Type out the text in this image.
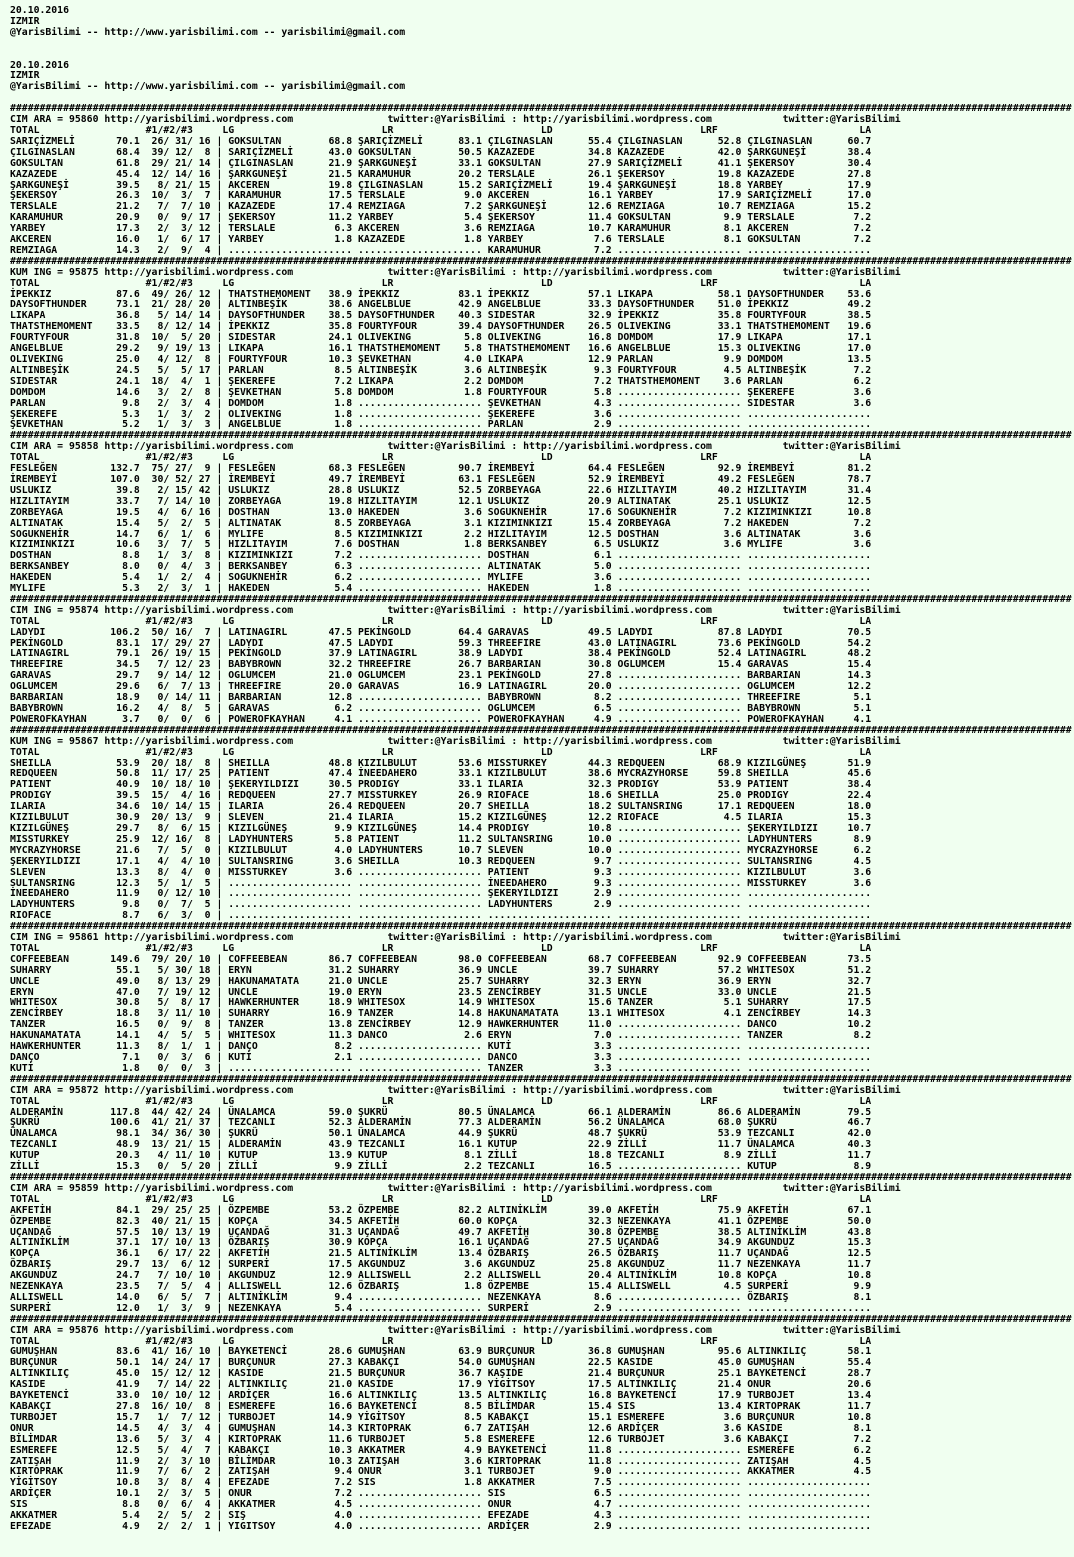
20.10.2016
IZMIR
@YarisBilimi -- http://www.yarisbilimi.com -- yarisbilimi@gmail.com

20.10.2016
IZMIR
@YarisBilimi -- http://www.yarisbilimi.com -- yarisbilimi@gmail.com

####################################################################################################################################################################################
CIM ARA = 95860 http://yarisbilimi.wordpress.com                twitter:@YarisBilimi : http://yarisbilimi.wordpress.com            twitter:@YarisBilimi
TOTAL                  #1/#2/#3     LG                         LR                         LD                         LRF                        LA
SARIÇİZMELİ       70.1  26/ 31/ 16 | GOKSULTAN        68.8 ŞARIÇİZMELİ      83.1 ÇILGINASLAN      55.4 ÇILGINASLAN      52.8 ÇILGINASLAN      60.7
ÇILGINASLAN       68.4  39/ 12/  8 | SARIÇİZMELİ      43.0 GOKSULTAN        50.5 KAZAZEDE         34.8 KAZAZEDE         42.0 ŞARKGUNEŞİ       38.4
GOKSULTAN         61.8  29/ 21/ 14 | ÇILGINASLAN      21.9 ŞARKGUNEŞİ       33.1 GOKSULTAN        27.9 SARIÇİZMELİ      41.1 ŞEKERSOY         30.4
KAZAZEDE          45.4  12/ 14/ 16 | ŞARKGUNEŞİ       21.5 KARAMUHUR        20.2 TERSLALE         26.1 ŞEKERSOY         19.8 KAZAZEDE         27.8
ŞARKGUNEŞİ        39.5   8/ 21/ 15 | AKCEREN          19.8 ÇILGINASLAN      15.2 SARIÇİZMELİ      19.4 ŞARKGUNEŞİ       18.8 YARBEY           17.9
ŞEKERSOY          26.3  10/  3/  7 | KARAMUHUR        17.5 TERSLALE          9.0 AKCEREN          16.1 YARBEY           17.9 SARIÇİZMELİ      17.0
TERSLALE          21.2   7/  7/ 10 | KAZAZEDE         17.4 REMZIAGA          7.2 ŞARKGUNEŞİ       12.6 REMZIAGA         10.7 REMZIAGA         15.2
KARAMUHUR         20.9   0/  9/ 17 | ŞEKERSOY         11.2 YARBEY            5.4 ŞEKERSOY         11.4 GOKSULTAN         9.9 TERSLALE          7.2
YARBEY            17.3   2/  3/ 12 | TERSLALE          6.3 AKCEREN           3.6 REMZIAGA         10.7 KARAMUHUR         8.1 AKCEREN           7.2
AKCEREN           16.0   1/  6/ 17 | YARBEY            1.8 KAZAZEDE          1.8 YARBEY            7.6 TERSLALE          8.1 GOKSULTAN         7.2
REMZIAGA          14.3   2/  9/  4 | ..................... ..................... KARAMUHUR         7.2 ..................... .....................
####################################################################################################################################################################################
KUM ING = 95875 http://yarisbilimi.wordpress.com                twitter:@YarisBilimi : http://yarisbilimi.wordpress.com            twitter:@YarisBilimi
TOTAL                  #1/#2/#3     LG                         LR                         LD                         LRF                        LA
İPEKKIZ           87.6  49/ 26/ 12 | THATSTHEMOMENT   38.9 İPEKKIZ          83.1 İPEKKIZ          57.1 LIKAPA           58.1 DAYSOFTHUNDER    53.6
DAYSOFTHUNDER     73.1  21/ 28/ 20 | ALTINBEŞİK       38.6 ANGELBLUE        42.9 ANGELBLUE        33.3 DAYSOFTHUNDER    51.0 İPEKKIZ          49.2
LIKAPA            36.8   5/ 14/ 14 | DAYSOFTHUNDER    38.5 DAYSOFTHUNDER    40.3 SIDESTAR         32.9 İPEKKIZ          35.8 FOURTYFOUR       38.5
THATSTHEMOMENT    33.5   8/ 12/ 14 | İPEKKIZ          35.8 FOURTYFOUR       39.4 DAYSOFTHUNDER    26.5 OLIVEKING        33.1 THATSTHEMOMENT   19.6
FOURTYFOUR        31.8  10/  5/ 20 | SIDESTAR         24.1 OLIVEKING         5.8 OLIVEKING        16.8 DOMDOM           17.9 LIKAPA           17.1
ANGELBLUE         29.2   9/ 19/ 13 | LIKAPA           16.1 THATSTHEMOMENT    5.8 THATSTHEMOMENT   16.6 ANGELBLUE        15.3 OLIVEKING        17.0
OLIVEKING         25.0   4/ 12/  8 | FOURTYFOUR       10.3 ŞEVKETHAN         4.0 LIKAPA           12.9 PARLAN            9.9 DOMDOM           13.5
ALTINBEŞİK        24.5   5/  5/ 17 | PARLAN            8.5 ALTINBEŞİK        3.6 ALTINBEŞİK        9.3 FOURTYFOUR        4.5 ALTINBEŞİK        7.2
SIDESTAR          24.1  18/  4/  1 | ŞEKEREFE          7.2 LIKAPA            2.2 DOMDOM            7.2 THATSTHEMOMENT    3.6 PARLAN            6.2
DOMDOM            14.6   3/  2/  8 | ŞEVKETHAN         5.8 DOMDOM            1.8 FOURTYFOUR        5.8 ..................... ŞEKEREFE          3.6
PARLAN             9.8   2/  3/  4 | DOMDOM            1.8 ..................... ŞEVKETHAN         4.3 ..................... SIDESTAR          3.6
ŞEKEREFE           5.3   1/  3/  2 | OLIVEKING         1.8 ..................... ŞEKEREFE          3.6 ..................... .....................
ŞEVKETHAN          5.2   1/  3/  3 | ANGELBLUE         1.8 ..................... PARLAN            2.9 ..................... .....................
####################################################################################################################################################################################
CIM ARA = 95858 http://yarisbilimi.wordpress.com                twitter:@YarisBilimi : http://yarisbilimi.wordpress.com            twitter:@YarisBilimi
TOTAL                  #1/#2/#3     LG                         LR                         LD                         LRF                        LA
FESLEĞEN         132.7  75/ 27/  9 | FESLEĞEN         68.3 FESLEĞEN         90.7 İREMBEYİ         64.4 FESLEĞEN         92.9 İREMBEYİ         81.2
İREMBEYİ         107.0  30/ 52/ 27 | İREMBEYİ         49.7 İREMBEYİ         63.1 FESLEĞEN         52.9 İREMBEYİ         49.2 FESLEĞEN         78.7
USLUKIZ           39.8   2/ 15/ 42 | USLUKIZ          28.8 USLUKIZ          52.5 ZORBEYAGA        22.6 HIZLITAYIM       40.2 HIZLITAYIM       31.4
HIZLITAYIM        33.7   7/ 14/ 10 | ZORBEYAGA        19.8 HIZLITAYIM       12.1 USLUKIZ          20.9 ALTINATAK        25.1 USLUKIZ          12.5
ZORBEYAGA         19.5   4/  6/ 16 | DOSTHAN          13.0 HAKEDEN           3.6 SOGUKNEHİR       17.6 SOGUKNEHİR        7.2 KIZIMINKIZI      10.8
ALTINATAK         15.4   5/  2/  5 | ALTINATAK         8.5 ZORBEYAGA         3.1 KIZIMINKIZI      15.4 ZORBEYAGA         7.2 HAKEDEN           7.2
SOGUKNEHİR        14.7   6/  1/  6 | MYLIFE            8.5 KIZIMINKIZI       2.2 HIZLITAYIM       12.5 DOSTHAN           3.6 ALTINATAK         3.6
KIZIMINKIZI       10.6   3/  7/  5 | HIZLITAYIM        7.6 DOSTHAN           1.8 BERKSANBEY        6.5 USLUKIZ           3.6 MYLIFE            3.6
DOSTHAN            8.8   1/  3/  8 | KIZIMINKIZI       7.2 ..................... DOSTHAN           6.1 ..................... .....................
BERKSANBEY         8.0   0/  4/  3 | BERKSANBEY        6.3 ..................... ALTINATAK         5.0 ..................... .....................
HAKEDEN            5.4   1/  2/  4 | SOGUKNEHİR        6.2 ..................... MYLIFE            3.6 ..................... .....................
MYLIFE             5.3   2/  3/  1 | HAKEDEN           5.4 ..................... HAKEDEN           1.8 ..................... .....................
####################################################################################################################################################################################
CIM ING = 95874 http://yarisbilimi.wordpress.com                twitter:@YarisBilimi : http://yarisbilimi.wordpress.com            twitter:@YarisBilimi
TOTAL                  #1/#2/#3     LG                         LR                         LD                         LRF                        LA
LADYDI           106.2  50/ 16/  7 | LATINAGIRL       47.5 PEKİNGOLD        64.4 GARAVAS          49.5 LADYDI           87.8 LADYDI           70.5
PEKİNGOLD         83.1  17/ 29/ 27 | LADYDI           47.5 LADYDI           59.3 THREEFIRE        43.0 LATINAGIRL       73.6 PEKİNGOLD        54.2
LATINAGIRL        79.1  26/ 19/ 15 | PEKİNGOLD        37.9 LATINAGIRL       38.9 LADYDI           38.4 PEKİNGOLD        52.4 LATINAGIRL       48.2
THREEFIRE         34.5   7/ 12/ 23 | BABYBROWN        32.2 THREEFIRE        26.7 BARBARIAN        30.8 OGLUMCEM         15.4 GARAVAS          15.4
GARAVAS           29.7   9/ 14/ 12 | OGLUMCEM         21.0 OGLUMCEM         23.1 PEKİNGOLD        27.8 ..................... BARBARIAN        14.3
OGLUMCEM          29.6   6/  7/ 13 | THREEFIRE        20.0 GARAVAS          16.9 LATINAGIRL       20.0 ..................... OGLUMCEM         12.2
BARBARIAN         18.9   0/ 14/ 11 | BARBARIAN        12.8 ..................... BABYBROWN         8.2 ..................... THREEFIRE         5.1
BABYBROWN         16.2   4/  8/  5 | GARAVAS           6.2 ..................... OGLUMCEM          6.5 ..................... BABYBROWN         5.1
POWEROFKAYHAN      3.7   0/  0/  6 | POWEROFKAYHAN     4.1 ..................... POWEROFKAYHAN     4.9 ..................... POWEROFKAYHAN     4.1
####################################################################################################################################################################################
KUM ING = 95867 http://yarisbilimi.wordpress.com                twitter:@YarisBilimi : http://yarisbilimi.wordpress.com            twitter:@YarisBilimi
TOTAL                  #1/#2/#3     LG                         LR                         LD                         LRF                        LA
SHEILLA           53.9  20/ 18/  8 | SHEILLA          48.8 KIZILBULUT       53.6 MISSTURKEY       44.3 REDQUEEN         68.9 KIZILGÜNEŞ       51.9
REDQUEEN          50.8  11/ 17/ 25 | PATIENT          47.4 İNEEDAHERO       33.1 KIZILBULUT       38.6 MYCRAZYHORSE     59.8 SHEILLA          45.6
PATIENT           40.9  10/ 18/ 10 | ŞEKERYILDIZI     30.5 PRODIGY          33.1 ILARIA           32.3 PRODIGY          53.9 PATIENT          38.4
PRODIGY           39.5  15/  4/ 16 | REDQUEEN         27.7 MISSTURKEY       26.9 RIOFACE          18.6 SHEILLA          25.0 PRODIGY          22.4
ILARIA            34.6  10/ 14/ 15 | ILARIA           26.4 REDQUEEN         20.7 SHEILLA          18.2 SULTANSRING      17.1 REDQUEEN         18.0
KIZILBULUT        30.9  20/ 13/  9 | SLEVEN           21.4 ILARIA           15.2 KIZILGÜNEŞ       12.2 RIOFACE           4.5 ILARIA           15.3
KIZILGÜNEŞ        29.7   8/  6/ 15 | KIZILGÜNEŞ        9.9 KIZILGÜNEŞ       14.4 PRODIGY          10.8 ..................... ŞEKERYILDIZI     10.7
MISSTURKEY        25.9  12/ 16/  8 | LADYHUNTERS       5.8 PATIENT          11.2 SULTANSRING      10.0 ..................... LADYHUNTERS       8.9
MYCRAZYHORSE      21.6   7/  5/  0 | KIZILBULUT        4.0 LADYHUNTERS      10.7 SLEVEN           10.0 ..................... MYCRAZYHORSE      6.2
ŞEKERYILDIZI      17.1   4/  4/ 10 | SULTANSRING       3.6 SHEILLA          10.3 REDQUEEN          9.7 ..................... SULTANSRING       4.5
SLEVEN            13.3   8/  4/  0 | MISSTURKEY        3.6 ..................... PATIENT           9.3 ..................... KIZILBULUT        3.6
SULTANSRING       12.3   5/  1/  5 | ..................... ..................... İNEEDAHERO        9.3 ..................... MISSTURKEY        3.6
İNEEDAHERO        11.9   0/ 12/ 10 | ..................... ..................... ŞEKERYILDIZI      2.9 ..................... .....................
LADYHUNTERS        9.8   0/  7/  5 | ..................... ..................... LADYHUNTERS       2.9 ..................... .....................
RIOFACE            8.7   6/  3/  0 | ..................... ..................... ..................... ..................... .....................
####################################################################################################################################################################################
CIM ING = 95861 http://yarisbilimi.wordpress.com                twitter:@YarisBilimi : http://yarisbilimi.wordpress.com            twitter:@YarisBilimi
TOTAL                  #1/#2/#3     LG                         LR                         LD                         LRF                        LA
COFFEEBEAN       149.6  79/ 20/ 10 | COFFEEBEAN       86.7 COFFEEBEAN       98.0 COFFEEBEAN       68.7 COFFEEBEAN       92.9 COFFEEBEAN       73.5
SUHARRY           55.1   5/ 30/ 18 | ERYN             31.2 SUHARRY          36.9 UNCLE            39.7 SUHARRY          57.2 WHITESOX         51.2
UNCLE             49.0   8/ 13/ 29 | HAKUNAMATATA     21.0 UNCLE            25.7 SUHARRY          32.3 ERYN             36.9 ERYN             32.7
ERYN              47.0   7/ 19/ 12 | UNCLE            19.0 ERYN             23.5 ZENCİRBEY        31.5 UNCLE            33.0 UNCLE            21.5
WHITESOX          30.8   5/  8/ 17 | HAWKERHUNTER     18.9 WHITESOX         14.9 WHITESOX         15.6 TANZER            5.1 SUHARRY          17.5
ZENCİRBEY         18.8   3/ 11/ 10 | SUHARRY          16.9 TANZER           14.8 HAKUNAMATATA     13.1 WHITESOX          4.1 ZENCİRBEY        14.3
TANZER            16.5   0/  9/  8 | TANZER           13.8 ZENCİRBEY        12.9 HAWKERHUNTER     11.0 ..................... DANCO            10.2
HAKUNAMATATA      14.1   4/  5/  5 | WHITESOX         11.3 DANCO             2.6 ERYN              7.0 ..................... TANZER            8.2
HAWKERHUNTER      11.3   8/  1/  1 | DANÇO             8.2 ..................... KUTİ              3.3 ..................... .....................
DANÇO              7.1   0/  3/  6 | KUTİ              2.1 ..................... DANCO             3.3 ..................... .....................
KUTİ               1.8   0/  0/  3 | ..................... ..................... TANZER            3.3 ..................... .....................
####################################################################################################################################################################################
CIM ARA = 95872 http://yarisbilimi.wordpress.com                twitter:@YarisBilimi : http://yarisbilimi.wordpress.com            twitter:@YarisBilimi
TOTAL                  #1/#2/#3     LG                         LR                         LD                         LRF                        LA
ALDERAMİN        117.8  44/ 42/ 24 | ÜNALAMCA         59.0 ŞUKRÜ            80.5 ÜNALAMCA         66.1 ALDERAMİN        86.6 ALDERAMİN        79.5
ŞUKRÜ            100.6  41/ 21/ 37 | TEZCANLI         52.3 ALDERAMİN        77.3 ALDERAMİN        56.2 ÜNALAMCA         68.0 ŞUKRÜ            46.7
ÜNALAMCA          98.1  34/ 36/ 30 | ŞUKRÜ            50.1 ÜNALAMCA         44.9 ŞUKRÜ            48.7 ŞUKRÜ            53.9 TEZCANLI         42.0
TEZCANLI          48.9  13/ 21/ 15 | ALDERAMİN        43.9 TEZCANLI         16.1 KUTUP            22.9 ZİLLİ            11.7 ÜNALAMCA         40.3
KUTUP             20.3   4/ 11/ 10 | KUTUP            13.9 KUTUP             8.1 ZİLLİ            18.8 TEZCANLI          8.9 ZİLLİ            11.7
ZİLLİ             15.3   0/  5/ 20 | ZİLLİ             9.9 ZİLLİ             2.2 TEZCANLI         16.5 ..................... KUTUP             8.9
####################################################################################################################################################################################
CIM ARA = 95859 http://yarisbilimi.wordpress.com                twitter:@YarisBilimi : http://yarisbilimi.wordpress.com            twitter:@YarisBilimi
TOTAL                  #1/#2/#3     LG                         LR                         LD                         LRF                        LA
AKFETİH           84.1  29/ 25/ 25 | ÖZPEMBE          53.2 ÖZPEMBE          82.2 ALTINİKLİM       39.0 AKFETİH          75.9 AKFETİH          67.1
ÖZPEMBE           82.3  40/ 21/ 15 | KOPÇA            34.5 AKFETİH          60.0 KOPÇA            32.3 NEZENKAYA        41.1 ÖZPEMBE          50.0
UÇANDAĞ           57.5  10/ 13/ 19 | UÇANDAĞ          31.3 UÇANDAĞ          49.7 AKFETİH          30.8 ÖZPEMBE          38.5 ALTINİKLİM       43.8
ALTINİKLİM        37.1  17/ 10/ 13 | ÖZBARIŞ          30.9 KOPÇA            16.1 UÇANDAĞ          27.5 UÇANDAĞ          34.9 AKGUNDUZ         15.3
KOPÇA             36.1   6/ 17/ 22 | AKFETİH          21.5 ALTINİKLİM       13.4 ÖZBARIŞ          26.5 ÖZBARIŞ          11.7 UÇANDAĞ          12.5
ÖZBARIŞ           29.7  13/  6/ 12 | SURPERİ          17.5 AKGUNDUZ          3.6 AKGUNDUZ         25.8 AKGUNDUZ         11.7 NEZENKAYA        11.7
AKGUNDUZ          24.7   7/ 10/ 10 | AKGUNDUZ         12.9 ALLISWELL         2.2 ALLISWELL        20.4 ALTINİKLİM       10.8 KOPÇA            10.8
NEZENKAYA         23.5   7/  5/  4 | ALLISWELL        12.6 ÖZBARIŞ           1.8 ÖZPEMBE          15.4 ALLISWELL         4.5 SURPERİ           9.9
ALLISWELL         14.0   6/  5/  7 | ALTINİKLİM        9.4 ..................... NEZENKAYA         8.6 ..................... ÖZBARIŞ           8.1
SURPERİ           12.0   1/  3/  9 | NEZENKAYA         5.4 ..................... SURPERİ           2.9 ..................... .....................
####################################################################################################################################################################################
CIM ARA = 95876 http://yarisbilimi.wordpress.com                twitter:@YarisBilimi : http://yarisbilimi.wordpress.com            twitter:@YarisBilimi
TOTAL                  #1/#2/#3     LG                         LR                         LD                         LRF                        LA
GUMUŞHAN          83.6  41/ 16/ 10 | BAYKETENCİ       28.6 GUMUŞHAN         63.9 BURÇUNUR         36.8 GUMUŞHAN         95.6 ALTINKILIÇ       58.1
BURÇUNUR          50.1  14/ 24/ 17 | BURÇUNUR         27.3 KABAKÇI          54.0 GUMUŞHAN         22.5 KASIDE           45.0 GUMUŞHAN         55.4
ALTINKILIÇ        45.0  15/ 12/ 12 | KASIDE           21.5 BURÇUNUR         36.7 KAŞIDE           21.4 BURÇUNUR         25.1 BAYKETENCİ       28.7
KASIDE            41.9   7/ 14/ 22 | ALTINKILIÇ       21.0 KASIDE           17.9 YİGİTSOY         17.5 ALTINKILIÇ       21.4 ONUR             20.6
BAYKETENCİ        33.0  10/ 10/ 12 | ARDİÇER          16.6 ALTINKILIÇ       13.5 ALTINKILIÇ       16.8 BAYKETENCİ       17.9 TURBOJET         13.4
KABAKÇI           27.8  16/ 10/  8 | ESMEREFE         16.6 BAYKETENCİ        8.5 BİLİMDAR         15.4 SIS              13.4 KIRTOPRAK        11.7
TURBOJET          15.7   1/  7/ 12 | TURBOJET         14.9 YİGİTSOY          8.5 KABAKÇI          15.1 ESMEREFE          3.6 BURÇUNUR         10.8
ONUR              14.5   4/  3/  4 | GUMUŞHAN         14.3 KIRTOPRAK         6.7 ZATIŞAH          12.6 ARDİÇER           3.6 KASIDE            8.1
BİLİMDAR          13.6   5/  3/  4 | KIRTOPRAK        11.6 TURBOJET          5.8 ESMEREFE         12.6 TURBOJET          3.6 KABAKÇI           7.2
ESMEREFE          12.5   5/  4/  7 | KABAKÇI          10.3 AKKATMER          4.9 BAYKETENCİ       11.8 ..................... ESMEREFE          6.2
ZATIŞAH           11.9   2/  3/ 10 | BİLİMDAR         10.3 ZATIŞAH           3.6 KIRTOPRAK        11.8 ..................... ZATIŞAH           4.5
KIRTOPRAK         11.9   7/  6/  2 | ZATIŞAH           9.4 ONUR              3.1 TURBOJET          9.0 ..................... AKKATMER          4.5
YİGİTSOY          10.8   3/  8/  4 | EFEZADE           7.2 SIS               1.8 AKKATMER          7.5 ..................... .....................
ARDİÇER           10.1   2/  3/  5 | ONUR              7.2 ..................... SIS               6.5 ..................... .....................
SIS                8.8   0/  6/  4 | AKKATMER          4.5 ..................... ONUR              4.7 ..................... .....................
AKKATMER           5.4   2/  5/  2 | SIŞ               4.0 ..................... EFEZADE           4.3 ..................... .....................
EFEZADE            4.9   2/  2/  1 | YIGITSOY          4.0 ..................... ARDİÇER           2.9 ..................... .....................
